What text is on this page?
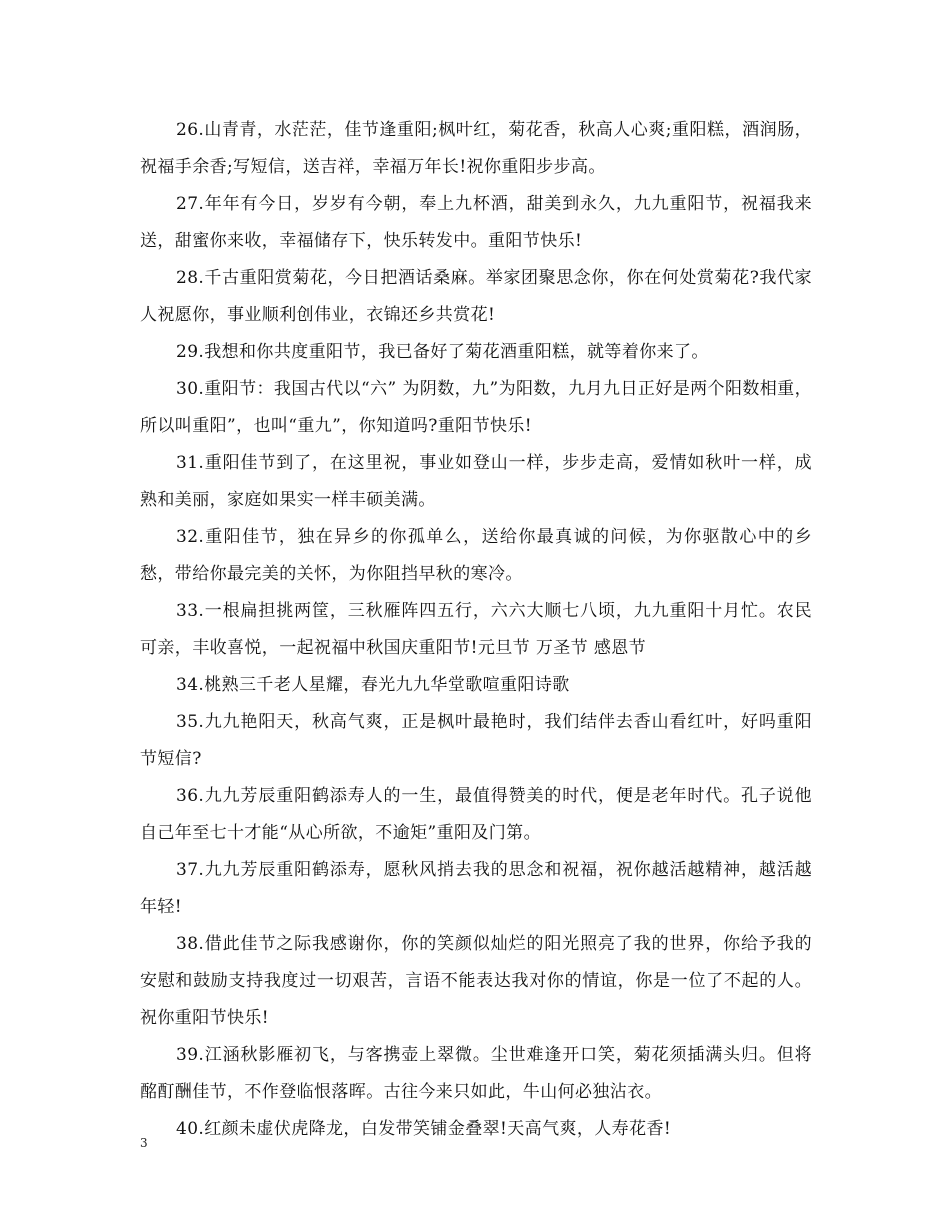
26.山青青，水茫茫，佳节逢重阳;枫叶红，菊花香，秋高人心爽;重阳糕，酒润肠，祝福手余香;写短信，送吉祥，幸福万年长!祝你重阳步步高。

27.年年有今日，岁岁有今朝，奉上九杯酒，甜美到永久，九九重阳节，祝福我来送，甜蜜你来收，幸福储存下，快乐转发中。重阳节快乐!

28.千古重阳赏菊花，今日把酒话桑麻。举家团聚思念你，你在何处赏菊花?我代家人祝愿你，事业顺利创伟业，衣锦还乡共赏花!

29.我想和你共度重阳节，我已备好了菊花酒重阳糕，就等着你来了。

30.重阳节：我国古代以“六” 为阴数，九”为阳数，九月九日正好是两个阳数相重，所以叫重阳”，也叫“重九”，你知道吗?重阳节快乐!

31.重阳佳节到了，在这里祝，事业如登山一样，步步走高，爱情如秋叶一样，成熟和美丽，家庭如果实一样丰硕美满。

32.重阳佳节，独在异乡的你孤单么，送给你最真诚的问候，为你驱散心中的乡愁，带给你最完美的关怀，为你阻挡早秋的寒冷。

33.一根扁担挑两筐，三秋雁阵四五行，六六大顺七八顷，九九重阳十月忙。农民可亲，丰收喜悦，一起祝福中秋国庆重阳节!元旦节 万圣节 感恩节

34.桃熟三千老人星耀，春光九九华堂歌喧重阳诗歌

35.九九艳阳天，秋高气爽，正是枫叶最艳时，我们结伴去香山看红叶，好吗重阳节短信?

36.九九芳辰重阳鹤添寿人的一生，最值得赞美的时代，便是老年时代。孔子说他自己年至七十才能“从心所欲，不逾矩”重阳及门第。

37.九九芳辰重阳鹤添寿，愿秋风捎去我的思念和祝福，祝你越活越精神，越活越年轻!

38.借此佳节之际我感谢你，你的笑颜似灿烂的阳光照亮了我的世界，你给予我的安慰和鼓励支持我度过一切艰苦，言语不能表达我对你的情谊，你是一位了不起的人。祝你重阳节快乐!

39.江涵秋影雁初飞，与客携壶上翠微。尘世难逢开口笑，菊花须插满头归。但将酩酊酬佳节，不作登临恨落晖。古往今来只如此，牛山何必独沾衣。

40.红颜未虚伏虎降龙，白发带笑铺金叠翠!天高气爽，人寿花香!

3
